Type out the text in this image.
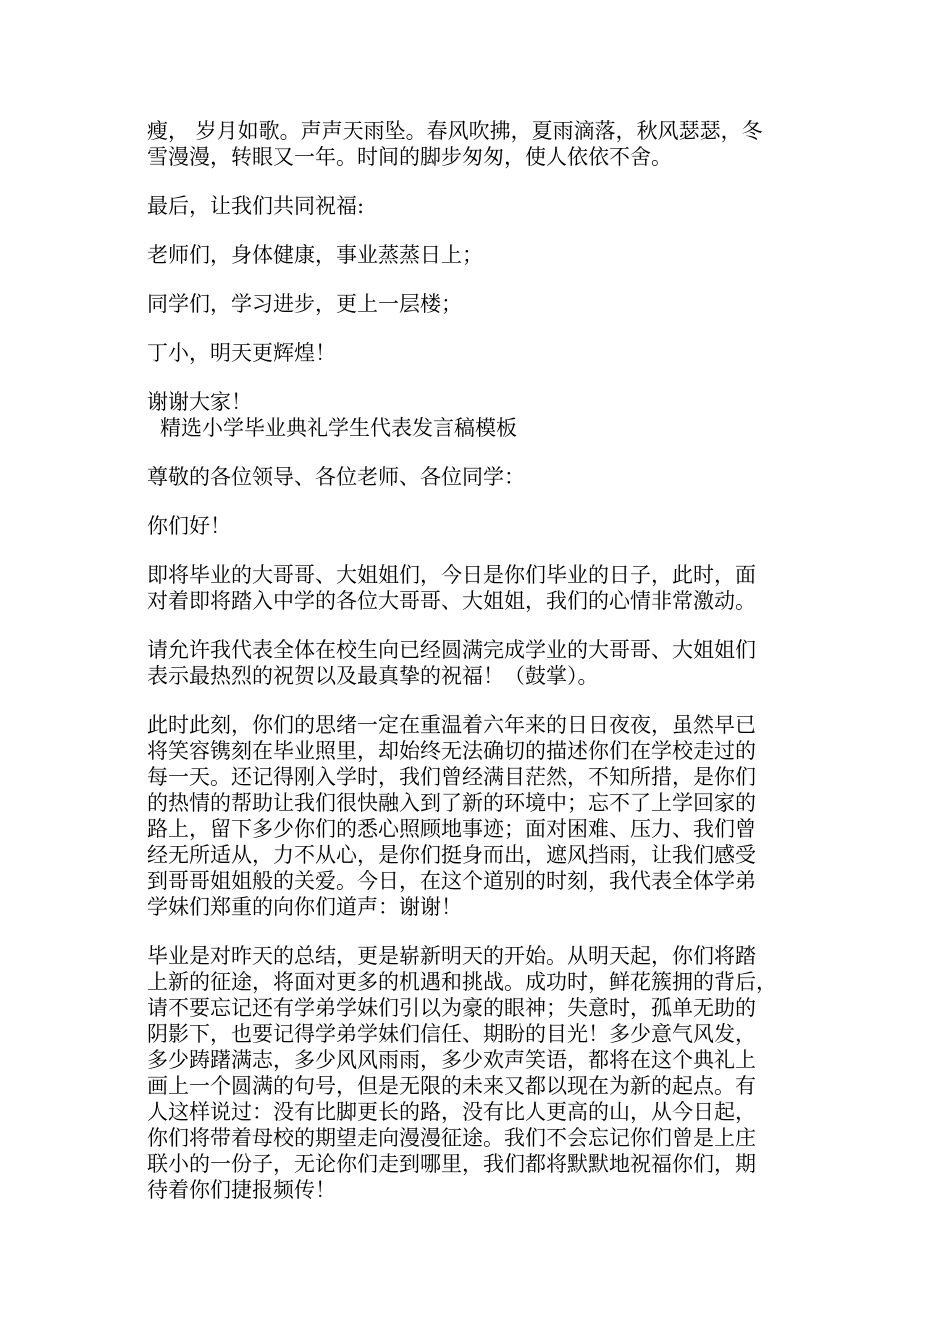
瘦， 岁月如歌。声声天雨坠。春风吹拂，夏雨滴落，秋风瑟瑟，冬
雪漫漫，转眼又一年。时间的脚步匆匆，使人依依不舍。
最后，让我们共同祝福:
老师们，身体健康，事业蒸蒸日上；
同学们，学习进步，更上一层楼；
丁小，明天更辉煌！
谢谢大家！
精选小学毕业典礼学生代表发言稿模板
尊敬的各位领导、各位老师、各位同学：
你们好！
即将毕业的大哥哥、大姐姐们，今日是你们毕业的日子，此时，面
对着即将踏入中学的各位大哥哥、大姐姐，我们的心情非常激动。
请允许我代表全体在校生向已经圆满完成学业的大哥哥、大姐姐们
表示最热烈的祝贺以及最真挚的祝福！（鼓掌）。
此时此刻，你们的思绪一定在重温着六年来的日日夜夜，虽然早已
将笑容镌刻在毕业照里，却始终无法确切的描述你们在学校走过的
每一天。还记得刚入学时，我们曾经满目茫然，不知所措，是你们
的热情的帮助让我们很快融入到了新的环境中；忘不了上学回家的
路上，留下多少你们的悉心照顾地事迹；面对困难、压力、我们曾
经无所适从，力不从心，是你们挺身而出，遮风挡雨，让我们感受
到哥哥姐姐般的关爱。今日，在这个道别的时刻，我代表全体学弟
学妹们郑重的向你们道声：谢谢！
毕业是对昨天的总结，更是崭新明天的开始。从明天起，你们将踏
上新的征途，将面对更多的机遇和挑战。成功时，鲜花簇拥的背后，
请不要忘记还有学弟学妹们引以为豪的眼神；失意时，孤单无助的
阴影下，也要记得学弟学妹们信任、期盼的目光！多少意气风发，
多少踌躇满志，多少风风雨雨，多少欢声笑语，都将在这个典礼上
画上一个圆满的句号，但是无限的未来又都以现在为新的起点。有
人这样说过：没有比脚更长的路，没有比人更高的山，从今日起，
你们将带着母校的期望走向漫漫征途。我们不会忘记你们曾是上庄
联小的一份子，无论你们走到哪里，我们都将默默地祝福你们，期
待着你们捷报频传！
